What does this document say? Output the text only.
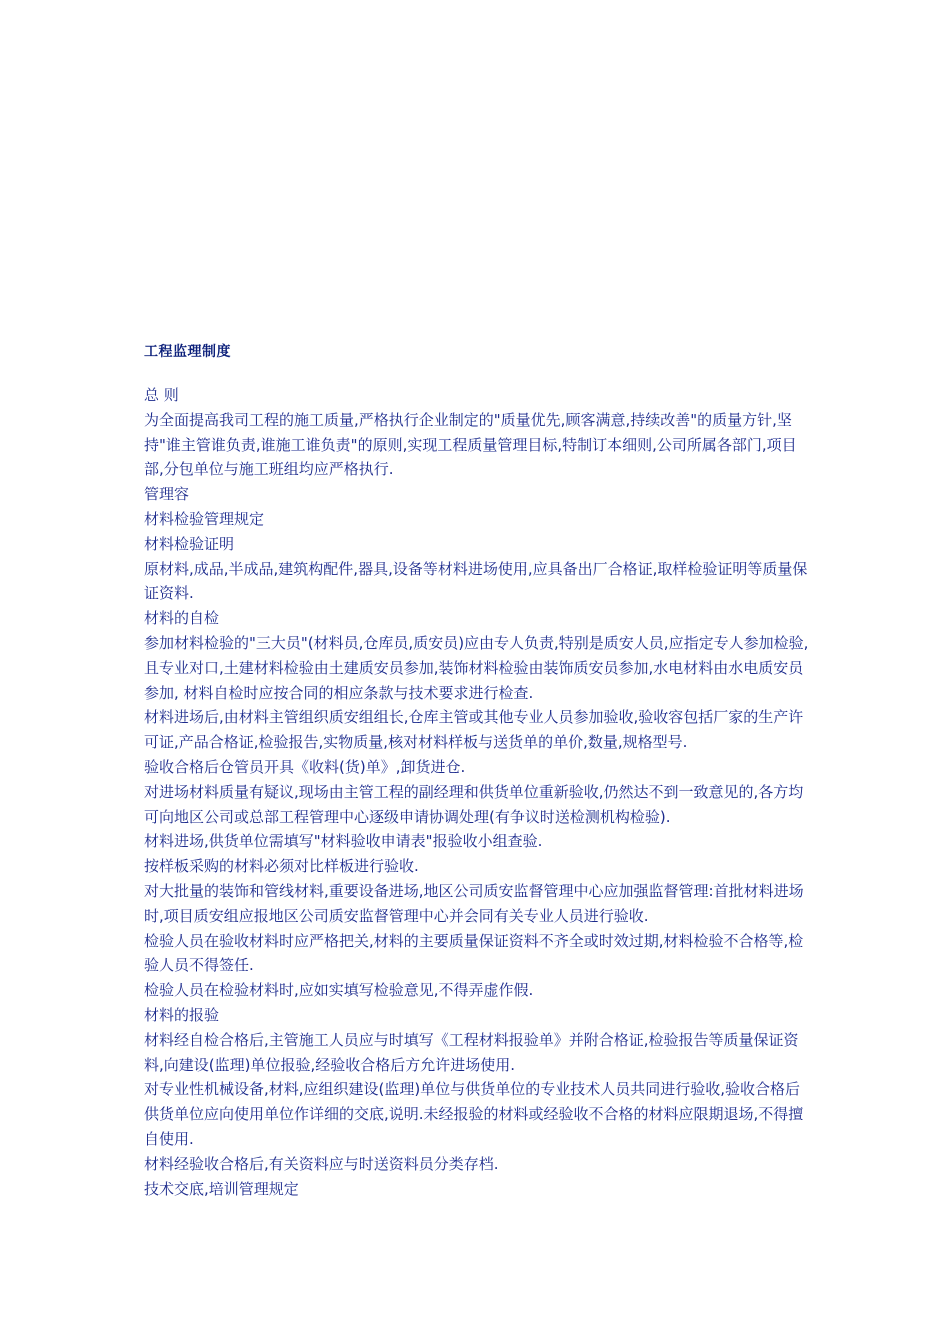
工程监理制度

总 则

为全面提高我司工程的施工质量,严格执行企业制定的"质量优先,顾客满意,持续改善"的质量方针,坚持"谁主管谁负责,谁施工谁负责"的原则,实现工程质量管理目标,特制订本细则,公司所属各部门,项目部,分包单位与施工班组均应严格执行.

管理容

材料检验管理规定

材料检验证明

原材料,成品,半成品,建筑构配件,器具,设备等材料进场使用,应具备出厂合格证,取样检验证明等质量保证资料.

材料的自检

参加材料检验的"三大员"(材料员,仓库员,质安员)应由专人负责,特别是质安人员,应指定专人参加检验,且专业对口,土建材料检验由土建质安员参加,装饰材料检验由装饰质安员参加,水电材料由水电质安员参加, 材料自检时应按合同的相应条款与技术要求进行检查.

材料进场后,由材料主管组织质安组组长,仓库主管或其他专业人员参加验收,验收容包括厂家的生产许可证,产品合格证,检验报告,实物质量,核对材料样板与送货单的单价,数量,规格型号.

验收合格后仓管员开具《收料(货)单》,卸货进仓.

对进场材料质量有疑议,现场由主管工程的副经理和供货单位重新验收,仍然达不到一致意见的,各方均可向地区公司或总部工程管理中心逐级申请协调处理(有争议时送检测机构检验).

材料进场,供货单位需填写"材料验收申请表"报验收小组查验.

按样板采购的材料必须对比样板进行验收.

对大批量的装饰和管线材料,重要设备进场,地区公司质安监督管理中心应加强监督管理:首批材料进场时,项目质安组应报地区公司质安监督管理中心并会同有关专业人员进行验收.

检验人员在验收材料时应严格把关,材料的主要质量保证资料不齐全或时效过期,材料检验不合格等,检验人员不得签任.

检验人员在检验材料时,应如实填写检验意见,不得弄虚作假.

材料的报验

材料经自检合格后,主管施工人员应与时填写《工程材料报验单》并附合格证,检验报告等质量保证资料,向建设(监理)单位报验,经验收合格后方允许进场使用.

对专业性机械设备,材料,应组织建设(监理)单位与供货单位的专业技术人员共同进行验收,验收合格后供货单位应向使用单位作详细的交底,说明.未经报验的材料或经验收不合格的材料应限期退场,不得擅自使用.

材料经验收合格后,有关资料应与时送资料员分类存档.

技术交底,培训管理规定
